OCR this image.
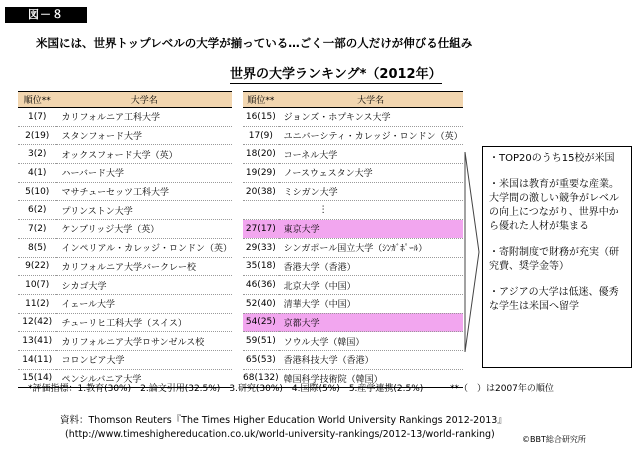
図－８
米国には、世界トップレベルの大学が揃っている…ごく一部の人だけが伸びる仕組み
世界の大学ランキング*（2012年）
順位**	大学名
1(7)	カリフォルニア工科大学
2(19)	スタンフォード大学
3(2)	オックスフォード大学（英）
4(1)	ハーバード大学
5(10)	マサチューセッツ工科大学
6(2)	プリンストン大学
7(2)	ケンブリッジ大学（英）
8(5)	インペリアル・カレッジ・ロンドン（英）
9(22)	カリフォルニア大学バークレー校
10(7)	シカゴ大学
11(2)	イェール大学
12(42)	チューリヒ工科大学（スイス）
13(41)	カリフォルニア大学ロサンゼルス校
14(11)	コロンビア大学
15(14)	ペンシルバニア大学
順位**	大学名
16(15)	ジョンズ・ホプキンス大学
17(9)	ユニバーシティ・カレッジ・ロンドン（英）
18(20)	コーネル大学
19(29)	ノースウェスタン大学
20(38)	ミシガン大学
	⋮
27(17)	東京大学
29(33)	シンガポール国立大学（ｼﾝｶﾞﾎﾟｰﾙ）
35(18)	香港大学（香港）
46(36)	北京大学（中国）
52(40)	清華大学（中国）
54(25)	京都大学
59(51)	ソウル大学（韓国）
65(53)	香港科技大学（香港）
68(132)	韓国科学技術院（韓国）

・TOP20のうち15校が米国

・米国は教育が重要な産業。大学間の激しい競争がレベルの向上につながり、世界中から優れた人材が集まる

・寄附制度で財務が充実（研究費、奨学金等）

・アジアの大学は低迷、優秀な学生は米国へ留学

*評価指標：1.教育(30%)　2.論文引用(32.5%)　3.研究(30%)　4.国際(5%)　5.産学連携(2.5%)	**（　）は2007年の順位
資料：Thomson Reuters『The Times Higher Education World University Rankings 2012-2013』
(http://www.timeshighereducation.co.uk/world-university-rankings/2012-13/world-ranking)	©BBT総合研究所
